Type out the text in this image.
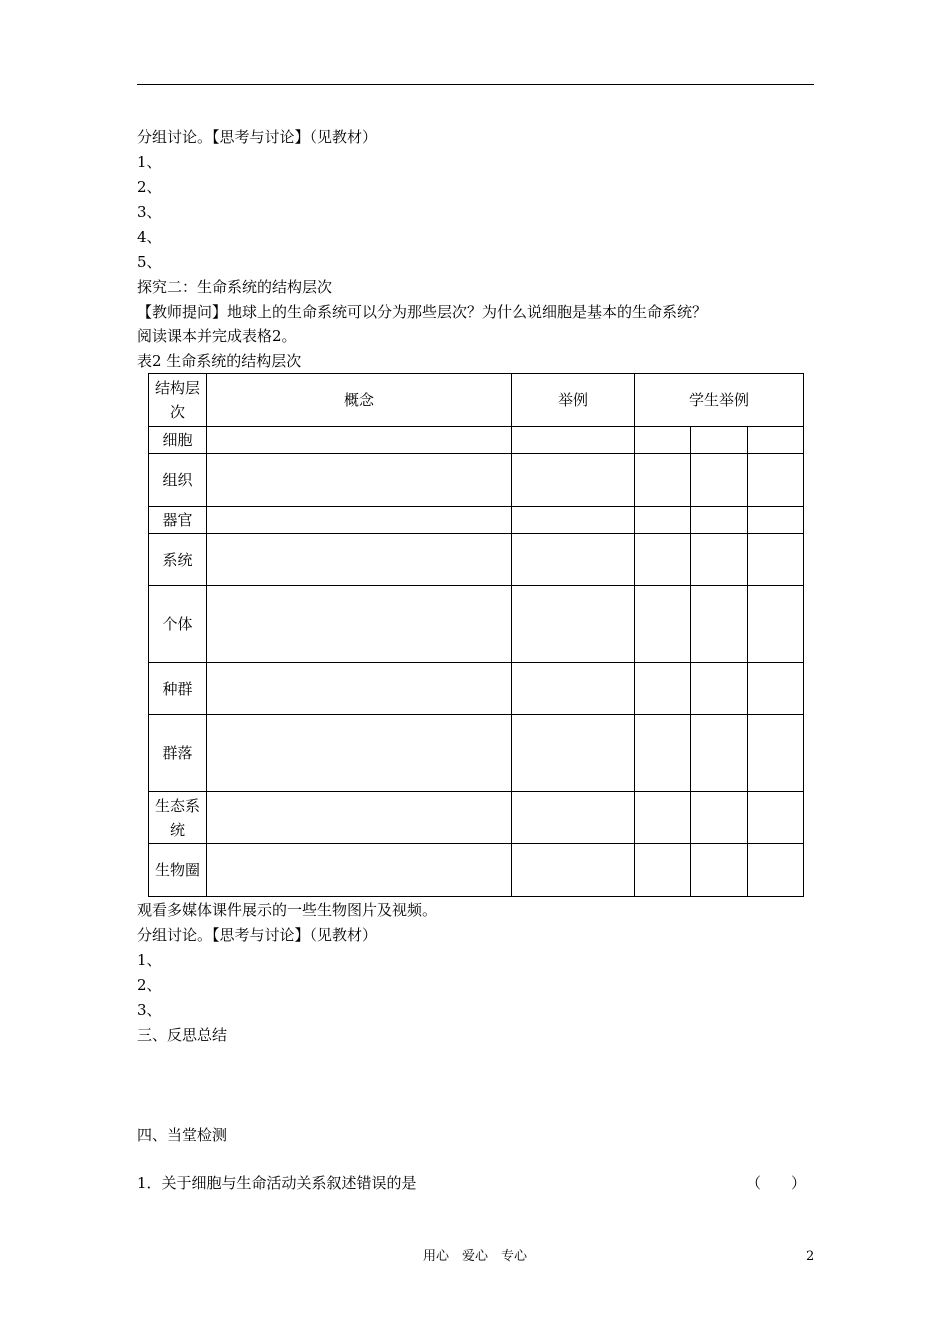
分组讨论。【思考与讨论】（见教材）
1、
2、
3、
4、
5、
探究二：生命系统的结构层次
【教师提问】地球上的生命系统可以分为那些层次？为什么说细胞是基本的生命系统？
阅读课本并完成表格2。
表2 生命系统的结构层次
结构层次	概念	举例	学生举例		
细胞					
组织					
器官					
系统					
个体					
种群					
群落					
生态系统					
生物圈					
观看多媒体课件展示的一些生物图片及视频。
分组讨论。【思考与讨论】（见教材）
1、
2、
3、
三、反思总结
四、当堂检测
1．关于细胞与生命活动关系叙述错误的是	（　　）
用心　爱心　专心	2
